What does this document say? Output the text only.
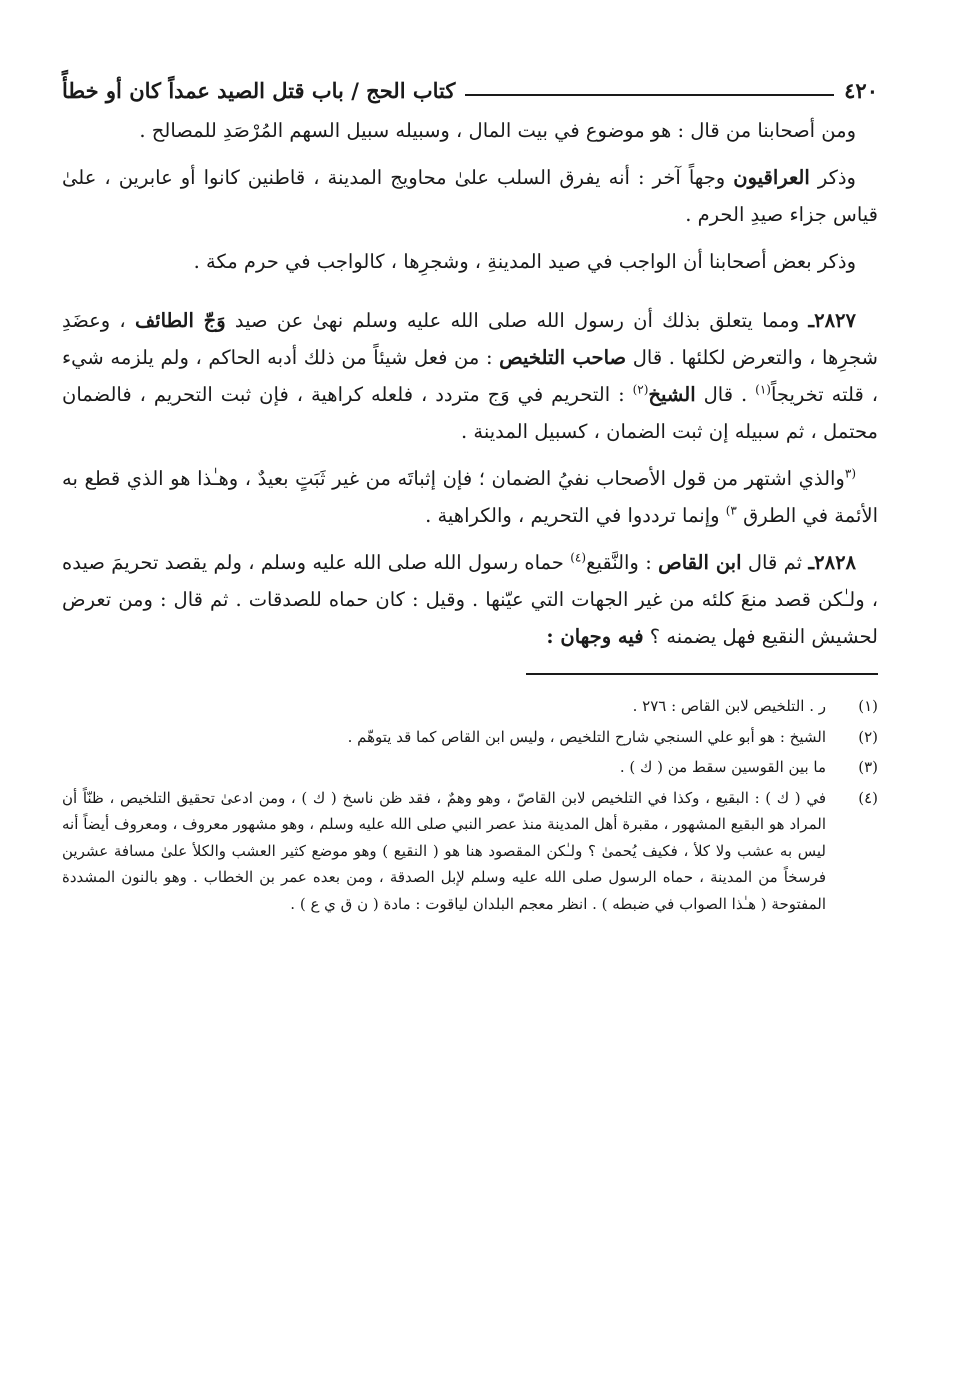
٤٢٠
كتاب الحج / باب قتل الصيد عمداً كان أو خطأً

ومن أصحابنا من قال : هو موضوع في بيت المال ، وسبيله سبيل السهم المُرْصَدِ للمصالح .

وذكر العراقيون وجهاً آخر : أنه يفرق السلب علىٰ محاويج المدينة ، قاطنين كانوا أو عابرين ، علىٰ قياس جزاء صيدِ الحرم .

وذكر بعض أصحابنا أن الواجب في صيد المدينةِ ، وشجرِها ، كالواجب في حرم مكة .

٢٨٢٧ـ ومما يتعلق بذلك أن رسول الله صلى الله عليه وسلم نهىٰ عن صيد وَجّ الطائف ، وعضَدِ شجرِها ، والتعرض لكلئها . قال صاحب التلخيص : من فعل شيئاً من ذلك أدبه الحاكم ، ولم يلزمه شيء ، قلته تخريجاً$^{(١)}$ . قال الشيخ$^{(٢)}$ : التحريم في وَج متردد ، فلعله كراهية ، فإن ثبت التحريم ، فالضمان محتمل ، ثم سبيله إن ثبت الضمان ، كسبيل المدينة .

$^{(٣}$والذي اشتهر من قول الأصحاب نفيُ الضمان ؛ فإن إثباتَه من غير ثَبَتٍ بعيدٌ ، وهـٰذا هو الذي قطع به الأئمة في الطرق $^{٣)}$ وإنما ترددوا في التحريم ، والكراهية .

٢٨٢٨ـ ثم قال ابن القاص : والنَّقيع$^{(٤)}$ حماه رسول الله صلى الله عليه وسلم ، ولم يقصد تحريمَ صيده ، ولـٰكن قصد منعَ كلئه من غير الجهات التي عيّنها . وقيل : كان حماه للصدقات . ثم قال : ومن تعرض لحشيش النقيع فهل يضمنه ؟ فيه وجهان :

(١)
ر . التلخيص لابن القاص : ٢٧٦ .
(٢)
الشيخ : هو أبو علي السنجي شارح التلخيص ، وليس ابن القاص كما قد يتوهّم .
(٣)
ما بين القوسين سقط من ( ك ) .
(٤)
في ( ك ) : البقيع ، وكذا في التلخيص لابن القاصّ ، وهو وهمٌ ، فقد ظن ناسخ ( ك ) ، ومن ادعىٰ تحقيق التلخيص ، ظنّاً أن المراد هو البقيع المشهور ، مقبرة أهل المدينة منذ عصر النبي صلى الله عليه وسلم ، وهو مشهور معروف ، ومعروف أيضاً أنه ليس به عشب ولا كلأ ، فكيف يُحمىٰ ؟ ولـٰكن المقصود هنا هو ( النقيع ) وهو موضع كثير العشب والكلأ علىٰ مسافة عشرين فرسخاً من المدينة ، حماه الرسول صلى الله عليه وسلم لإبل الصدقة ، ومن بعده عمر بن الخطاب . وهو بالنون المشددة المفتوحة ( هـٰذا الصواب في ضبطه ) . انظر معجم البلدان لياقوت : مادة ( ن ق ي ع ) .
